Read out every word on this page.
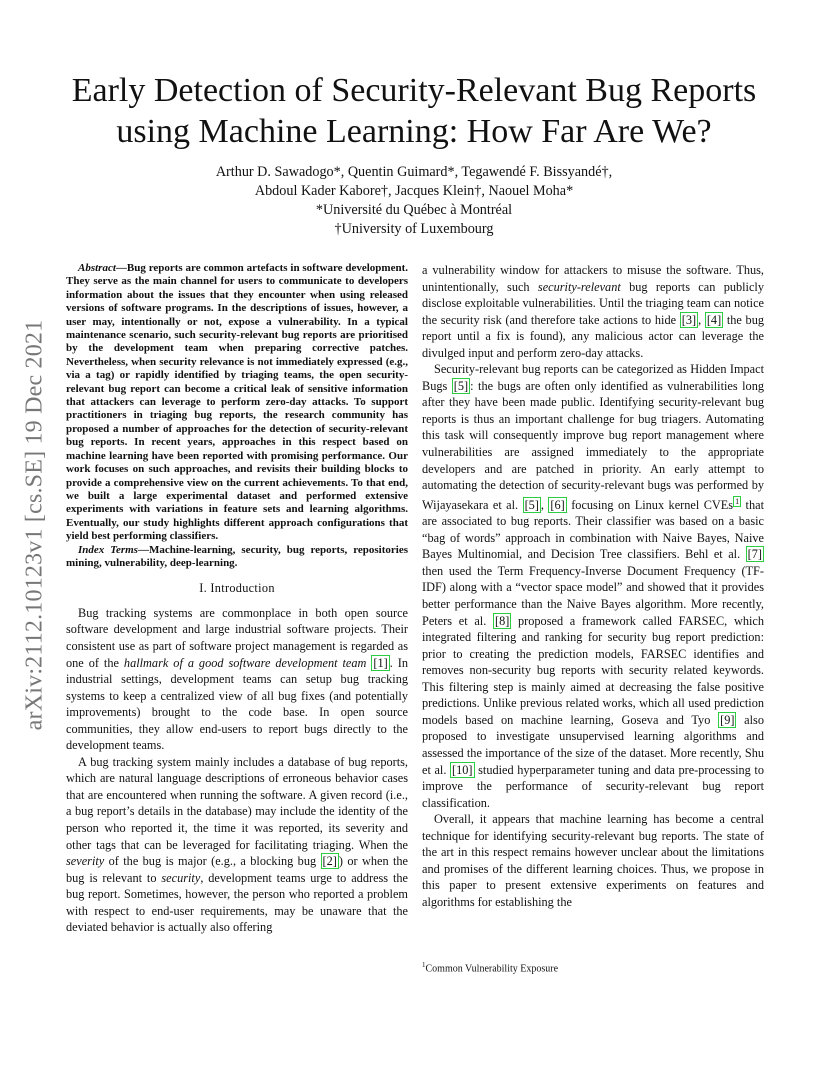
arXiv:2112.10123v1 [cs.SE] 19 Dec 2021
Early Detection of Security-Relevant Bug Reports
using Machine Learning: How Far Are We?
Arthur D. Sawadogo*, Quentin Guimard*, Tegawendé F. Bissyandé†,
Abdoul Kader Kabore†, Jacques Klein†, Naouel Moha*
*Université du Québec à Montréal
†University of Luxembourg

Abstract—Bug reports are common artefacts in software development. They serve as the main channel for users to communicate to developers information about the issues that they encounter when using released versions of software programs. In the descriptions of issues, however, a user may, intentionally or not, expose a vulnerability. In a typical maintenance scenario, such security-relevant bug reports are prioritised by the development team when preparing corrective patches. Nevertheless, when security relevance is not immediately expressed (e.g., via a tag) or rapidly identified by triaging teams, the open security-relevant bug report can become a critical leak of sensitive information that attackers can leverage to perform zero-day attacks. To support practitioners in triaging bug reports, the research community has proposed a number of approaches for the detection of security-relevant bug reports. In recent years, approaches in this respect based on machine learning have been reported with promising performance. Our work focuses on such approaches, and revisits their building blocks to provide a comprehensive view on the current achievements. To that end, we built a large experimental dataset and performed extensive experiments with variations in feature sets and learning algorithms. Eventually, our study highlights different approach configurations that yield best performing classifiers.

Index Terms—Machine-learning, security, bug reports, repositories mining, vulnerability, deep-learning.

I. Introduction

Bug tracking systems are commonplace in both open source software development and large industrial software projects. Their consistent use as part of software project management is regarded as one of the hallmark of a good software development team [1] . In industrial settings, development teams can setup bug tracking systems to keep a centralized view of all bug fixes (and potentially improvements) brought to the code base. In open source communities, they allow end-users to report bugs directly to the development teams.

A bug tracking system mainly includes a database of bug reports, which are natural language descriptions of erroneous behavior cases that are encountered when running the software. A given record (i.e., a bug report’s details in the database) may include the identity of the person who reported it, the time it was reported, its severity and other tags that can be leveraged for facilitating triaging. When the severity of the bug is major (e.g., a blocking bug [2] ) or when the bug is relevant to security, development teams urge to address the bug report. Sometimes, however, the person who reported a problem with respect to end-user requirements, may be unaware that the deviated behavior is actually also offering

a vulnerability window for attackers to misuse the software. Thus, unintentionally, such security-relevant bug reports can publicly disclose exploitable vulnerabilities. Until the triaging team can notice the security risk (and therefore take actions to hide [3] , [4] the bug report until a fix is found), any malicious actor can leverage the divulged input and perform zero-day attacks.

Security-relevant bug reports can be categorized as Hidden Impact Bugs [5] : the bugs are often only identified as vulnerabilities long after they have been made public. Identifying security-relevant bug reports is thus an important challenge for bug triagers. Automating this task will consequently improve bug report management where vulnerabilities are assigned immediately to the appropriate developers and are patched in priority. An early attempt to automating the detection of security-relevant bugs was performed by Wijayasekara et al. [5] , [6] focusing on Linux kernel CVEs $^1$ that are associated to bug reports. Their classifier was based on a basic “bag of words” approach in combination with Naive Bayes, Naive Bayes Multinomial, and Decision Tree classifiers. Behl et al. [7] then used the Term Frequency-Inverse Document Frequency (TF-IDF) along with a “vector space model” and showed that it provides better performance than the Naive Bayes algorithm. More recently, Peters et al. [8] proposed a framework called FARSEC, which integrated filtering and ranking for security bug report prediction: prior to creating the prediction models, FARSEC identifies and removes non-security bug reports with security related keywords. This filtering step is mainly aimed at decreasing the false positive predictions. Unlike previous related works, which all used prediction models based on machine learning, Goseva and Tyo [9] also proposed to investigate unsupervised learning algorithms and assessed the importance of the size of the dataset. More recently, Shu et al. [10] studied hyperparameter tuning and data pre-processing to improve the performance of security-relevant bug report classification.

Overall, it appears that machine learning has become a central technique for identifying security-relevant bug reports. The state of the art in this respect remains however unclear about the limitations and promises of the different learning choices. Thus, we propose in this paper to present extensive experiments on features and algorithms for establishing the

$^1$Common Vulnerability Exposure
